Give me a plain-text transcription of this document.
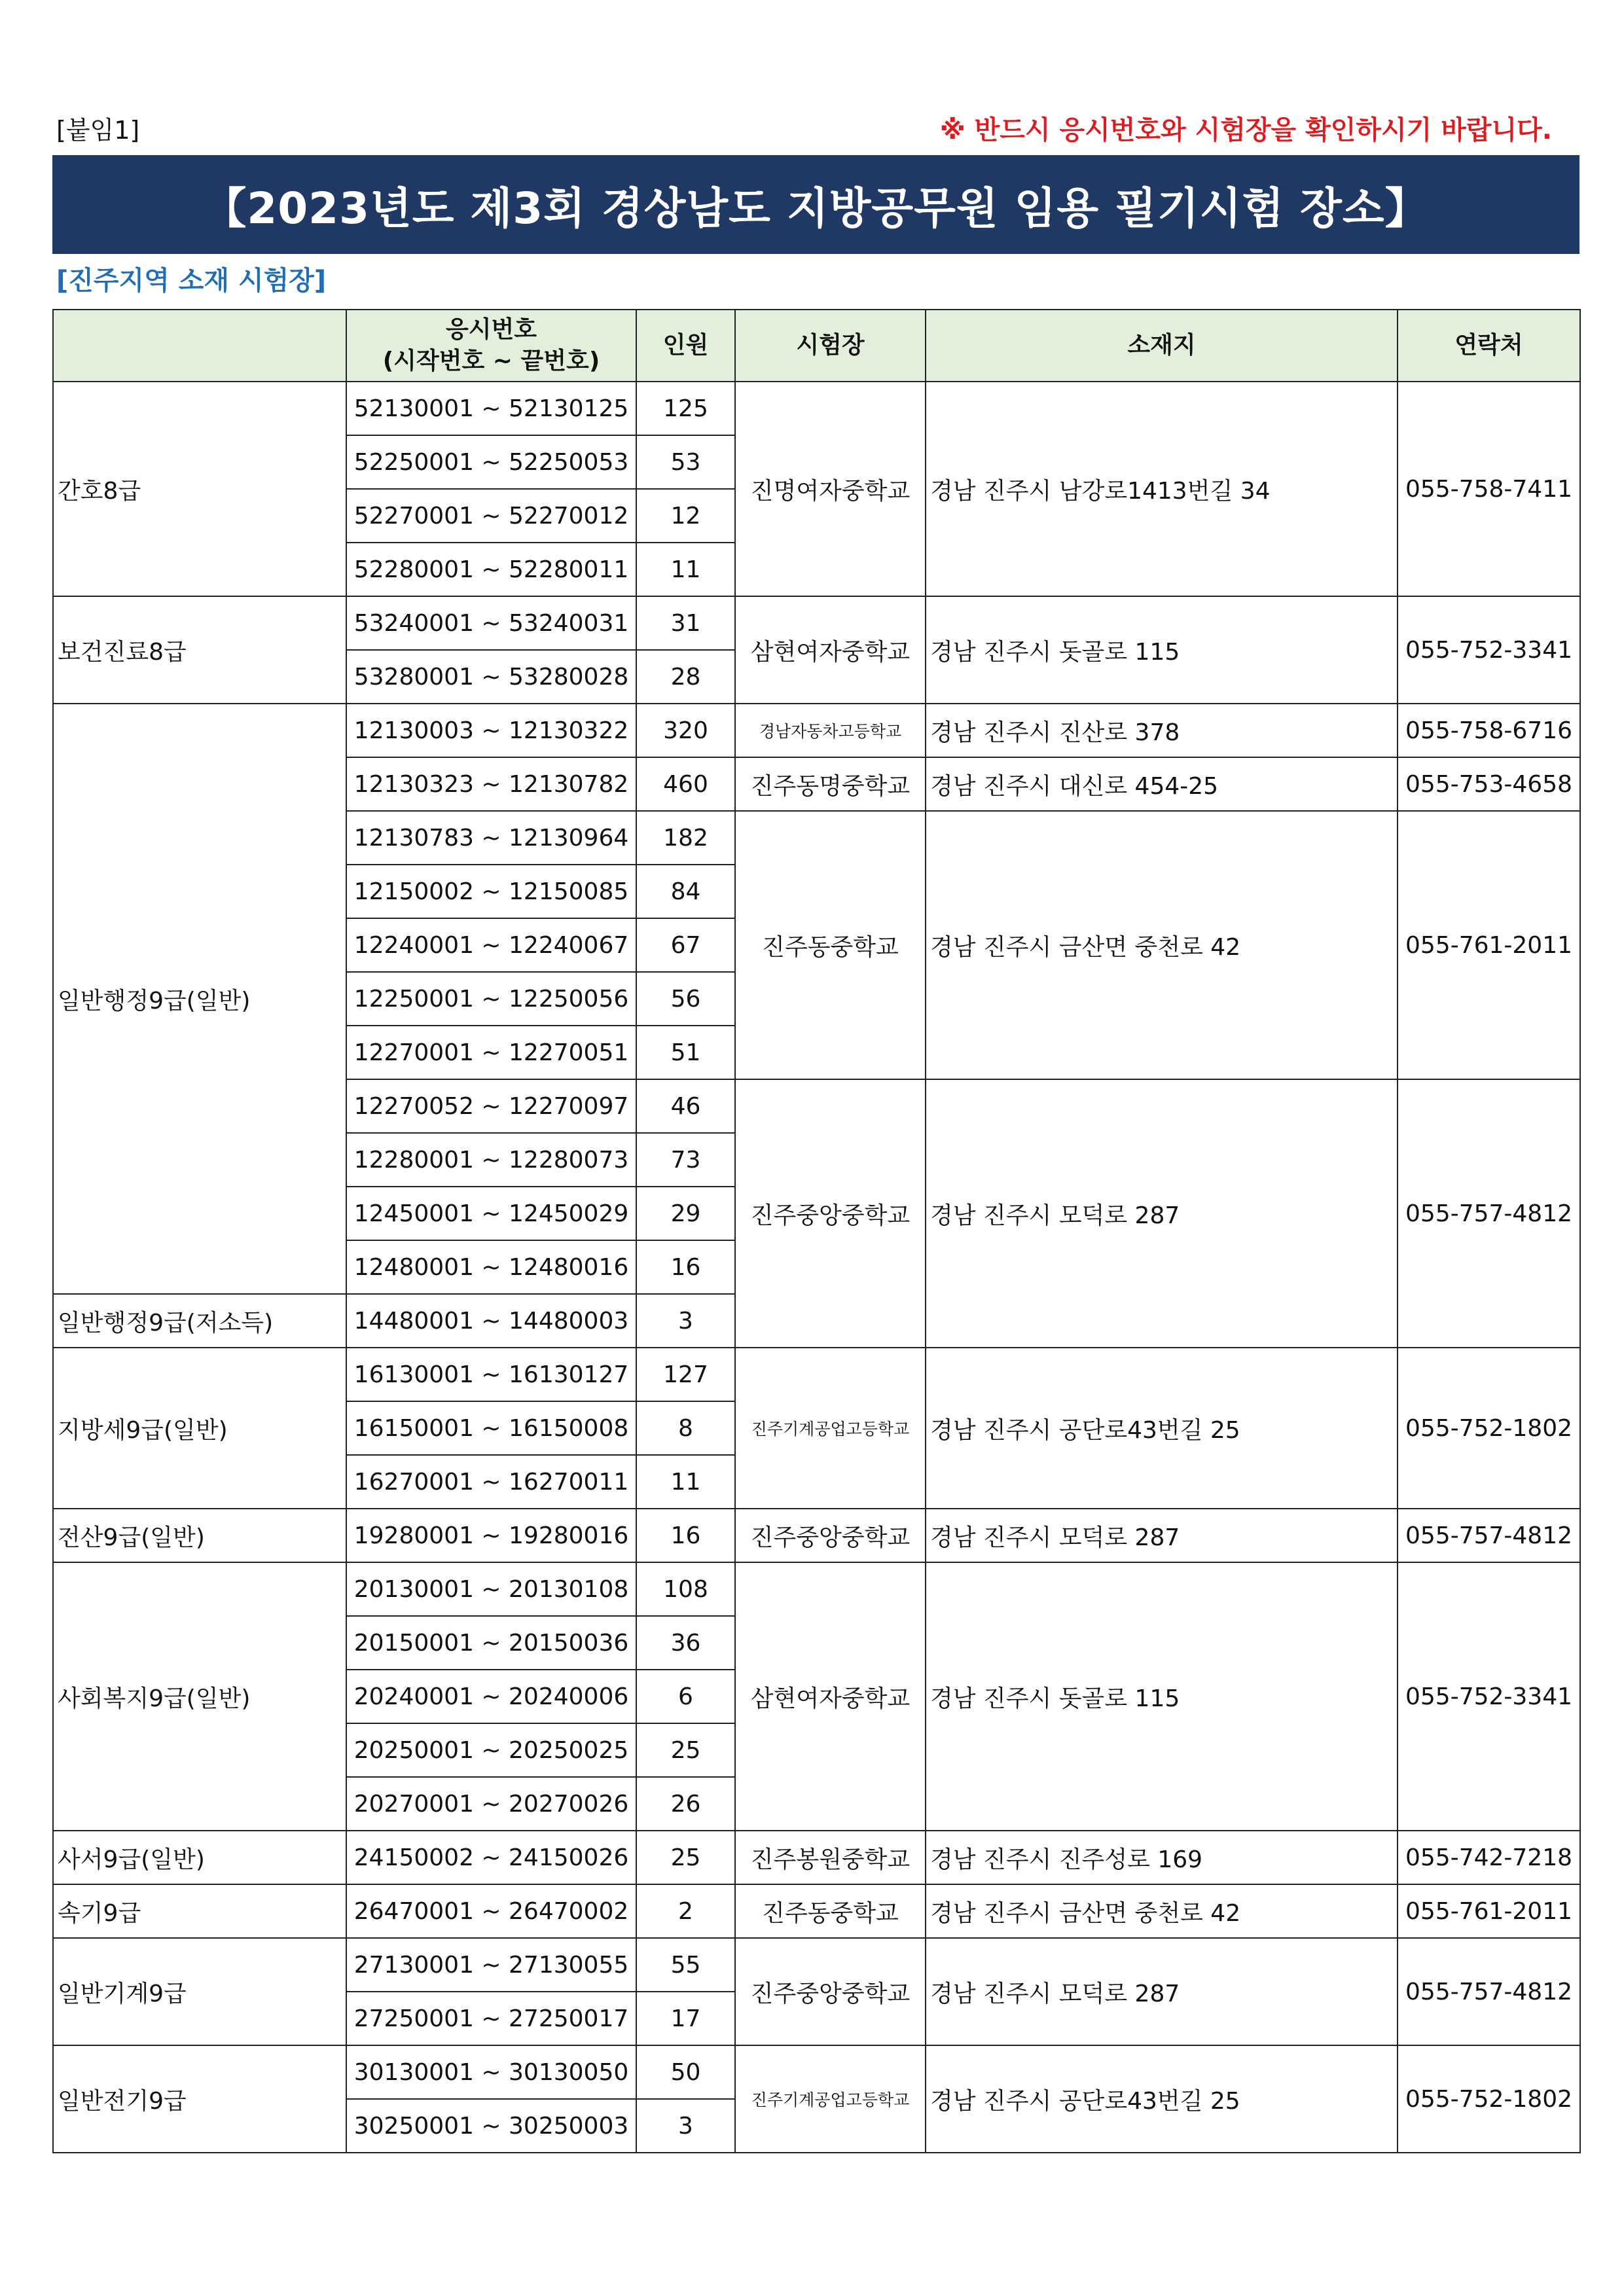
[붙임1]	※ 반드시 응시번호와 시험장을 확인하시기 바랍니다.
【2023년도 제3회 경상남도 지방공무원 임용 필기시험 장소】
[진주지역 소재 시험장]

	응시번호
(시작번호 ~ 끝번호)	인원	시험장	소재지	연락처
간호8급	52130001 ~ 52130125	125	진명여자중학교	경남 진주시 남강로1413번길 34	055-758-7411
	52250001 ~ 52250053	53			
	52270001 ~ 52270012	12			
	52280001 ~ 52280011	11			
보건진료8급	53240001 ~ 53240031	31	삼현여자중학교	경남 진주시 돗골로 115	055-752-3341
	53280001 ~ 53280028	28			
일반행정9급(일반)	12130003 ~ 12130322	320	경남자동차고등학교	경남 진주시 진산로 378	055-758-6716
	12130323 ~ 12130782	460	진주동명중학교	경남 진주시 대신로 454-25	055-753-4658
	12130783 ~ 12130964	182	진주동중학교	경남 진주시 금산면 중천로 42	055-761-2011
	12150002 ~ 12150085	84			
	12240001 ~ 12240067	67			
	12250001 ~ 12250056	56			
	12270001 ~ 12270051	51			
	12270052 ~ 12270097	46	진주중앙중학교	경남 진주시 모덕로 287	055-757-4812
	12280001 ~ 12280073	73			
	12450001 ~ 12450029	29			
	12480001 ~ 12480016	16			
일반행정9급(저소득)	14480001 ~ 14480003	3			
지방세9급(일반)	16130001 ~ 16130127	127	진주기계공업고등학교	경남 진주시 공단로43번길 25	055-752-1802
	16150001 ~ 16150008	8			
	16270001 ~ 16270011	11			
전산9급(일반)	19280001 ~ 19280016	16	진주중앙중학교	경남 진주시 모덕로 287	055-757-4812
사회복지9급(일반)	20130001 ~ 20130108	108	삼현여자중학교	경남 진주시 돗골로 115	055-752-3341
	20150001 ~ 20150036	36			
	20240001 ~ 20240006	6			
	20250001 ~ 20250025	25			
	20270001 ~ 20270026	26			
사서9급(일반)	24150002 ~ 24150026	25	진주봉원중학교	경남 진주시 진주성로 169	055-742-7218
속기9급	26470001 ~ 26470002	2	진주동중학교	경남 진주시 금산면 중천로 42	055-761-2011
일반기계9급	27130001 ~ 27130055	55	진주중앙중학교	경남 진주시 모덕로 287	055-757-4812
	27250001 ~ 27250017	17			
일반전기9급	30130001 ~ 30130050	50	진주기계공업고등학교	경남 진주시 공단로43번길 25	055-752-1802
	30250001 ~ 30250003	3			
